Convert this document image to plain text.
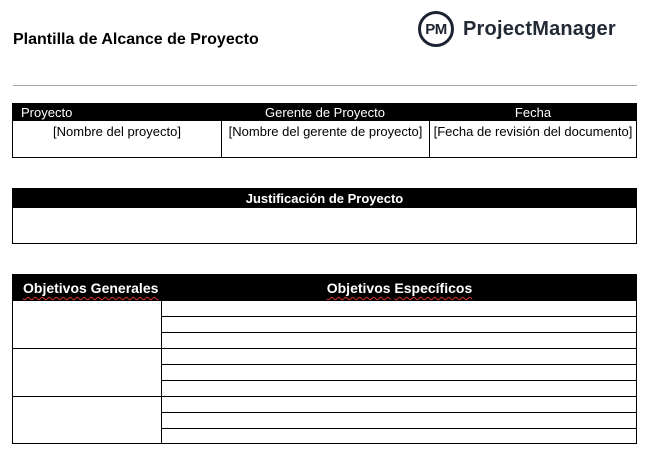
Plantilla de Alcance de Proyecto
PM ProjectManager
Proyecto	Gerente de Proyecto	Fecha
[Nombre del proyecto]	[Nombre del gerente de proyecto] [Fecha de revisión del documento]
Justificación de Proyecto
Objetivos Generales	Objetivos Específicos
